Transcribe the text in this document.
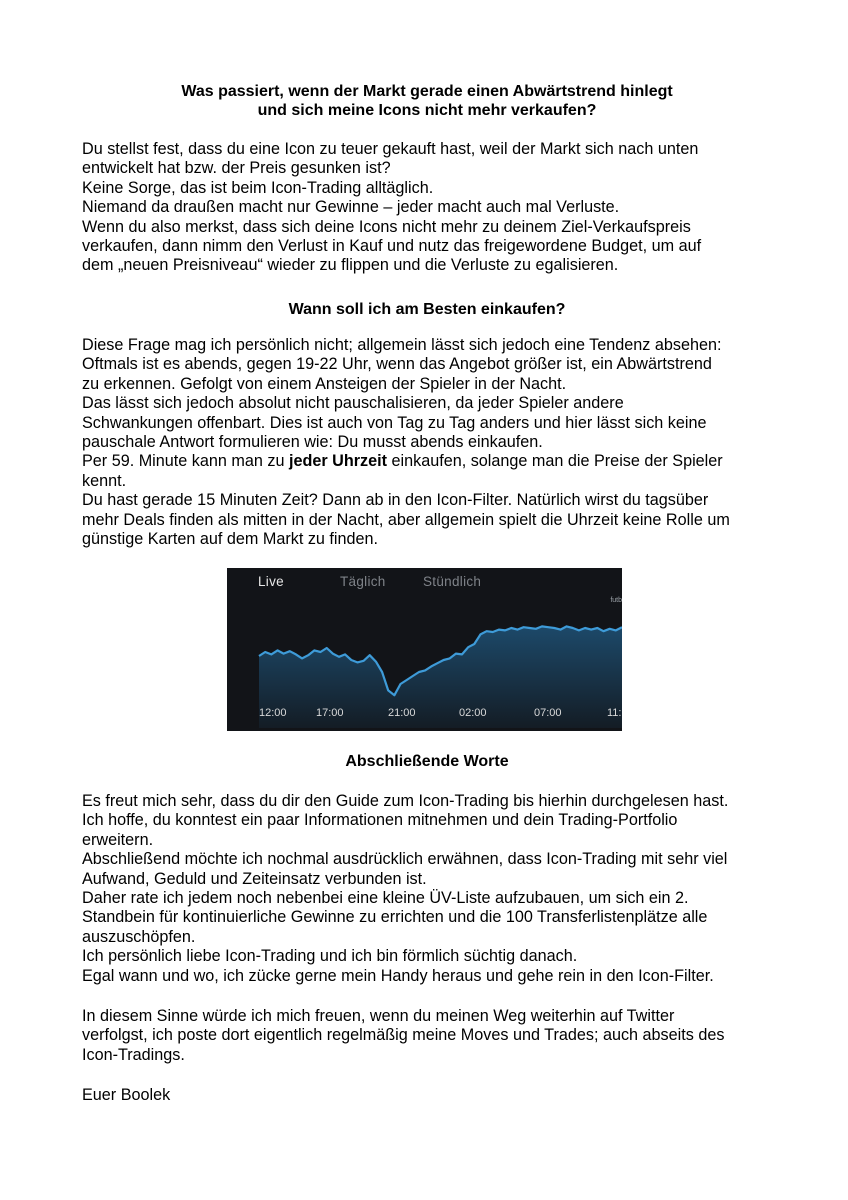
Was passiert, wenn der Markt gerade einen Abwärtstrend hinlegt
und sich meine Icons nicht mehr verkaufen?
Du stellst fest, dass du eine Icon zu teuer gekauft hast, weil der Markt sich nach unten
entwickelt hat bzw. der Preis gesunken ist?
Keine Sorge, das ist beim Icon-Trading alltäglich.
Niemand da draußen macht nur Gewinne – jeder macht auch mal Verluste.
Wenn du also merkst, dass sich deine Icons nicht mehr zu deinem Ziel-Verkaufspreis
verkaufen, dann nimm den Verlust in Kauf und nutz das freigewordene Budget, um auf
dem „neuen Preisniveau“ wieder zu flippen und die Verluste zu egalisieren.
Wann soll ich am Besten einkaufen?
Diese Frage mag ich persönlich nicht; allgemein lässt sich jedoch eine Tendenz absehen:
Oftmals ist es abends, gegen 19-22 Uhr, wenn das Angebot größer ist, ein Abwärtstrend
zu erkennen. Gefolgt von einem Ansteigen der Spieler in der Nacht.
Das lässt sich jedoch absolut nicht pauschalisieren, da jeder Spieler andere
Schwankungen offenbart. Dies ist auch von Tag zu Tag anders und hier lässt sich keine
pauschale Antwort formulieren wie: Du musst abends einkaufen.
Per 59. Minute kann man zu jeder Uhrzeit einkaufen, solange man die Preise der Spieler
kennt.
Du hast gerade 15 Minuten Zeit? Dann ab in den Icon-Filter. Natürlich wirst du tagsüber
mehr Deals finden als mitten in der Nacht, aber allgemein spielt die Uhrzeit keine Rolle um
günstige Karten auf dem Markt zu finden.
Live	Täglich	Stündlich
futb
12:00	17:00	21:00	02:00	07:00	11:
Abschließende Worte
Es freut mich sehr, dass du dir den Guide zum Icon-Trading bis hierhin durchgelesen hast.
Ich hoffe, du konntest ein paar Informationen mitnehmen und dein Trading-Portfolio
erweitern.
Abschließend möchte ich nochmal ausdrücklich erwähnen, dass Icon-Trading mit sehr viel
Aufwand, Geduld und Zeiteinsatz verbunden ist.
Daher rate ich jedem noch nebenbei eine kleine ÜV-Liste aufzubauen, um sich ein 2.
Standbein für kontinuierliche Gewinne zu errichten und die 100 Transferlistenplätze alle
auszuschöpfen.
Ich persönlich liebe Icon-Trading und ich bin förmlich süchtig danach.
Egal wann und wo, ich zücke gerne mein Handy heraus und gehe rein in den Icon-Filter.
In diesem Sinne würde ich mich freuen, wenn du meinen Weg weiterhin auf Twitter
verfolgst, ich poste dort eigentlich regelmäßig meine Moves und Trades; auch abseits des
Icon-Tradings.
Euer Boolek
